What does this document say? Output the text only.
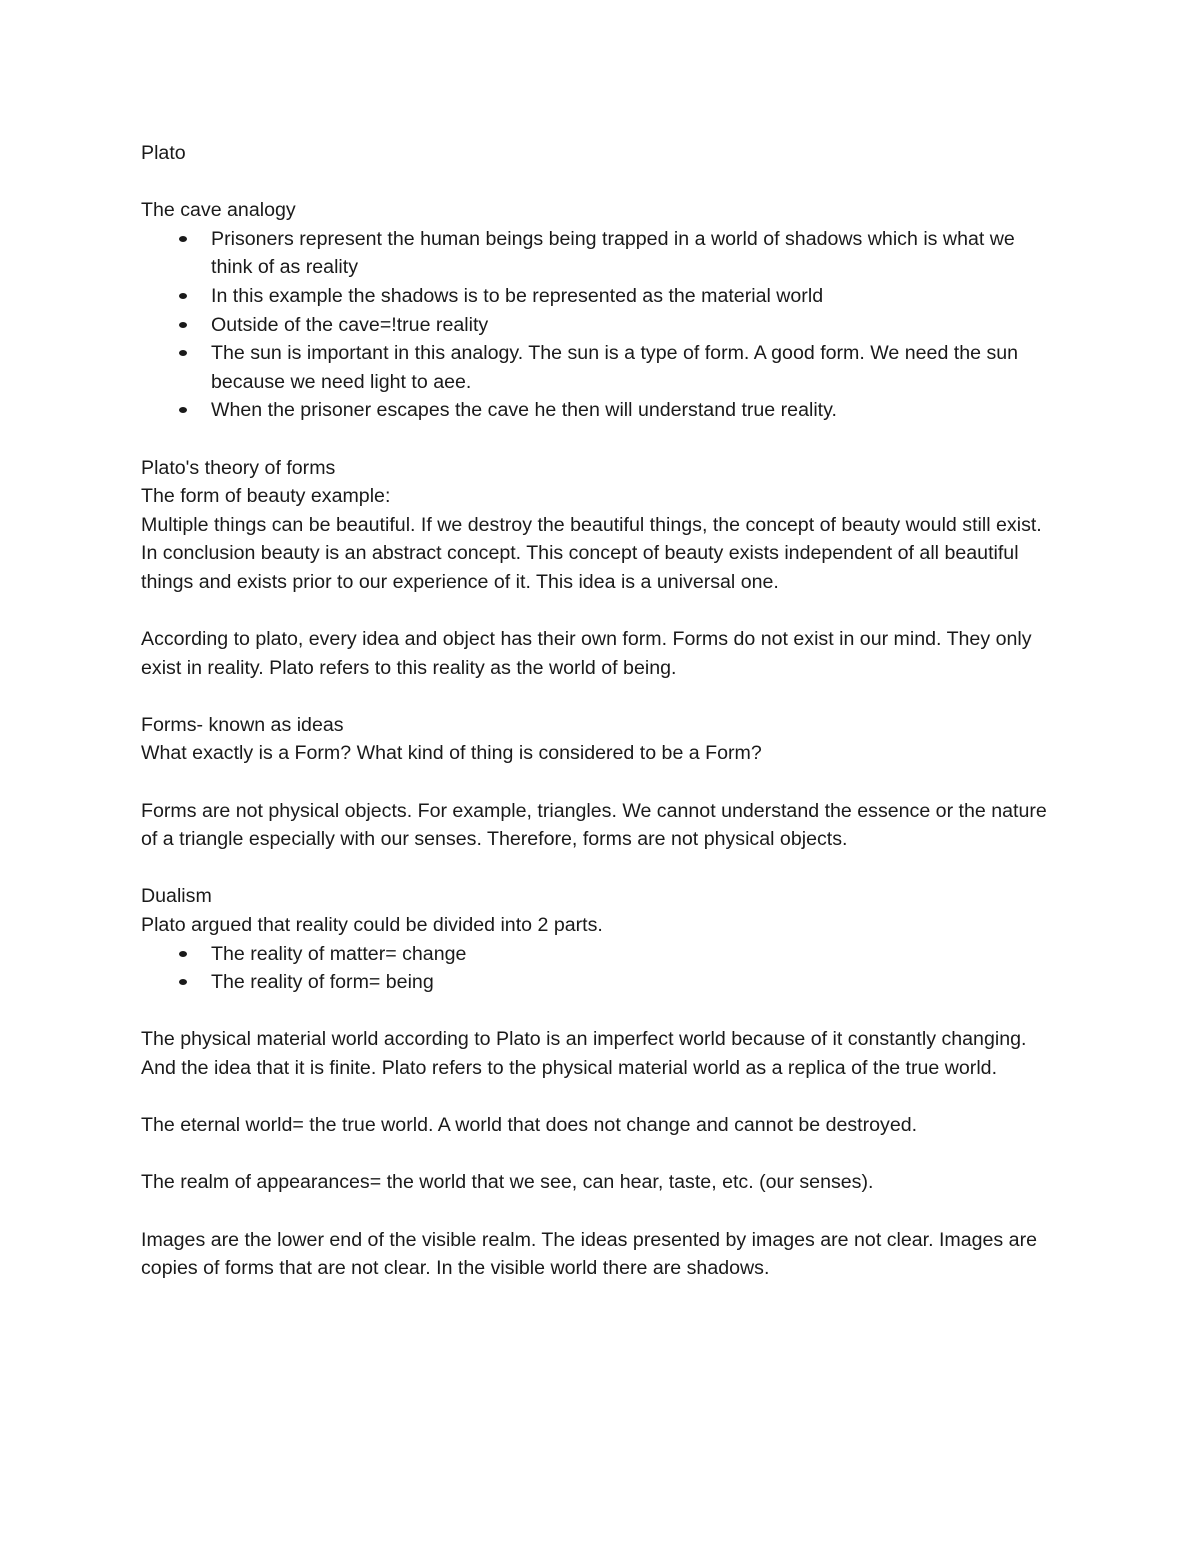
Plato

The cave analogy

Prisoners represent the human beings being trapped in a world of shadows which is what we think of as reality
In this example the shadows is to be represented as the material world
Outside of the cave=!true reality
The sun is important in this analogy. The sun is a type of form. A good form. We need the sun because we need light to aee.
When the prisoner escapes the cave he then will understand true reality.

Plato's theory of forms

The form of beauty example:

Multiple things can be beautiful. If we destroy the beautiful things, the concept of beauty would still exist. In conclusion beauty is an abstract concept. This concept of beauty exists independent of all beautiful things and exists prior to our experience of it. This idea is a universal one.

According to plato, every idea and object has their own form. Forms do not exist in our mind. They only exist in reality. Plato refers to this reality as the world of being.

Forms- known as ideas

What exactly is a Form? What kind of thing is considered to be a Form?

Forms are not physical objects. For example, triangles. We cannot understand the essence or the nature of a triangle especially with our senses. Therefore, forms are not physical objects.

Dualism

Plato argued that reality could be divided into 2 parts.

The reality of matter= change
The reality of form= being

The physical material world according to Plato is an imperfect world because of it constantly changing. And the idea that it is finite. Plato refers to the physical material world as a replica of the true world.

The eternal world= the true world. A world that does not change and cannot be destroyed.

The realm of appearances= the world that we see, can hear, taste, etc. (our senses).

Images are the lower end of the visible realm. The ideas presented by images are not clear. Images are copies of forms that are not clear. In the visible world there are shadows.
